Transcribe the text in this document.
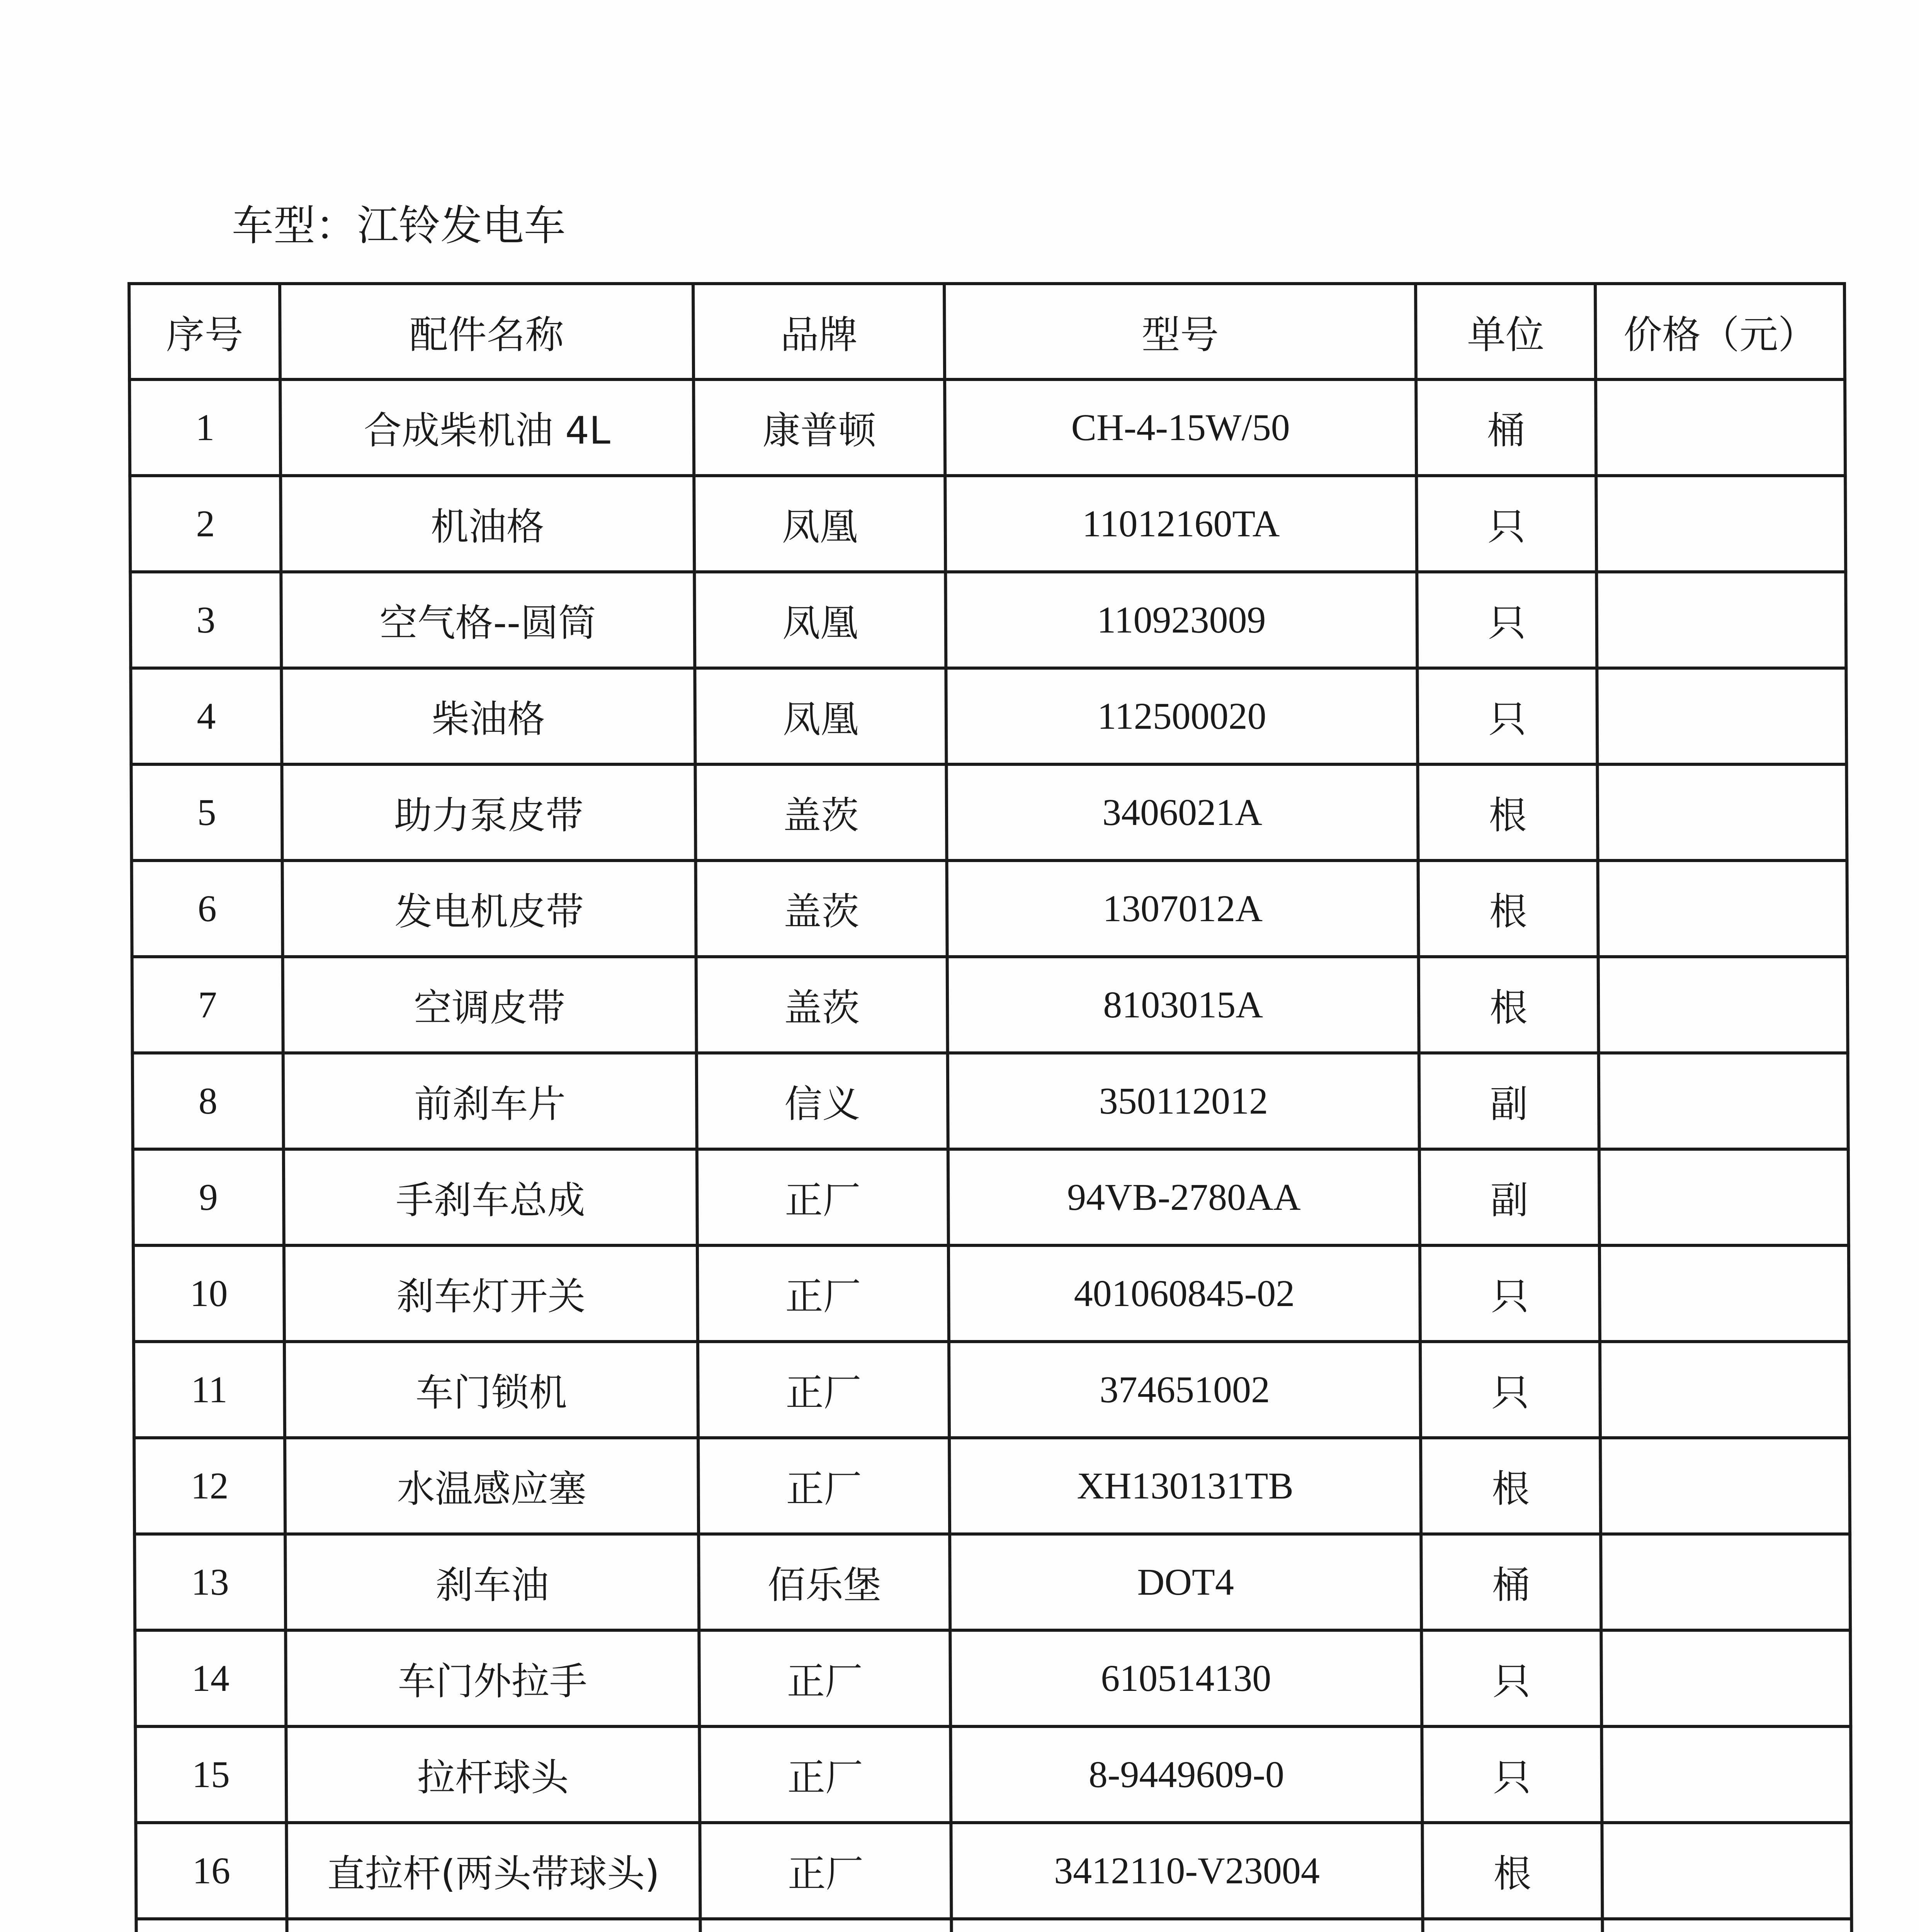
车型：江铃发电车
序号	配件名称	品牌	型号	单位	价格（元）
1	合成柴机油 4L	康普顿	CH-4-15W/50	桶	
2	机油格	凤凰	11012160TA	只	
3	空气格--圆筒	凤凰	110923009	只	
4	柴油格	凤凰	112500020	只	
5	助力泵皮带	盖茨	3406021A	根	
6	发电机皮带	盖茨	1307012A	根	
7	空调皮带	盖茨	8103015A	根	
8	前刹车片	信义	350112012	副	
9	手刹车总成	正厂	94VB-2780AA	副	
10	刹车灯开关	正厂	401060845-02	只	
11	车门锁机	正厂	374651002	只	
12	水温感应塞	正厂	XH130131TB	根	
13	刹车油	佰乐堡	DOT4	桶	
14	车门外拉手	正厂	610514130	只	
15	拉杆球头	正厂	8-9449609-0	只	
16	直拉杆(两头带球头)	正厂	3412110-V23004	根	
